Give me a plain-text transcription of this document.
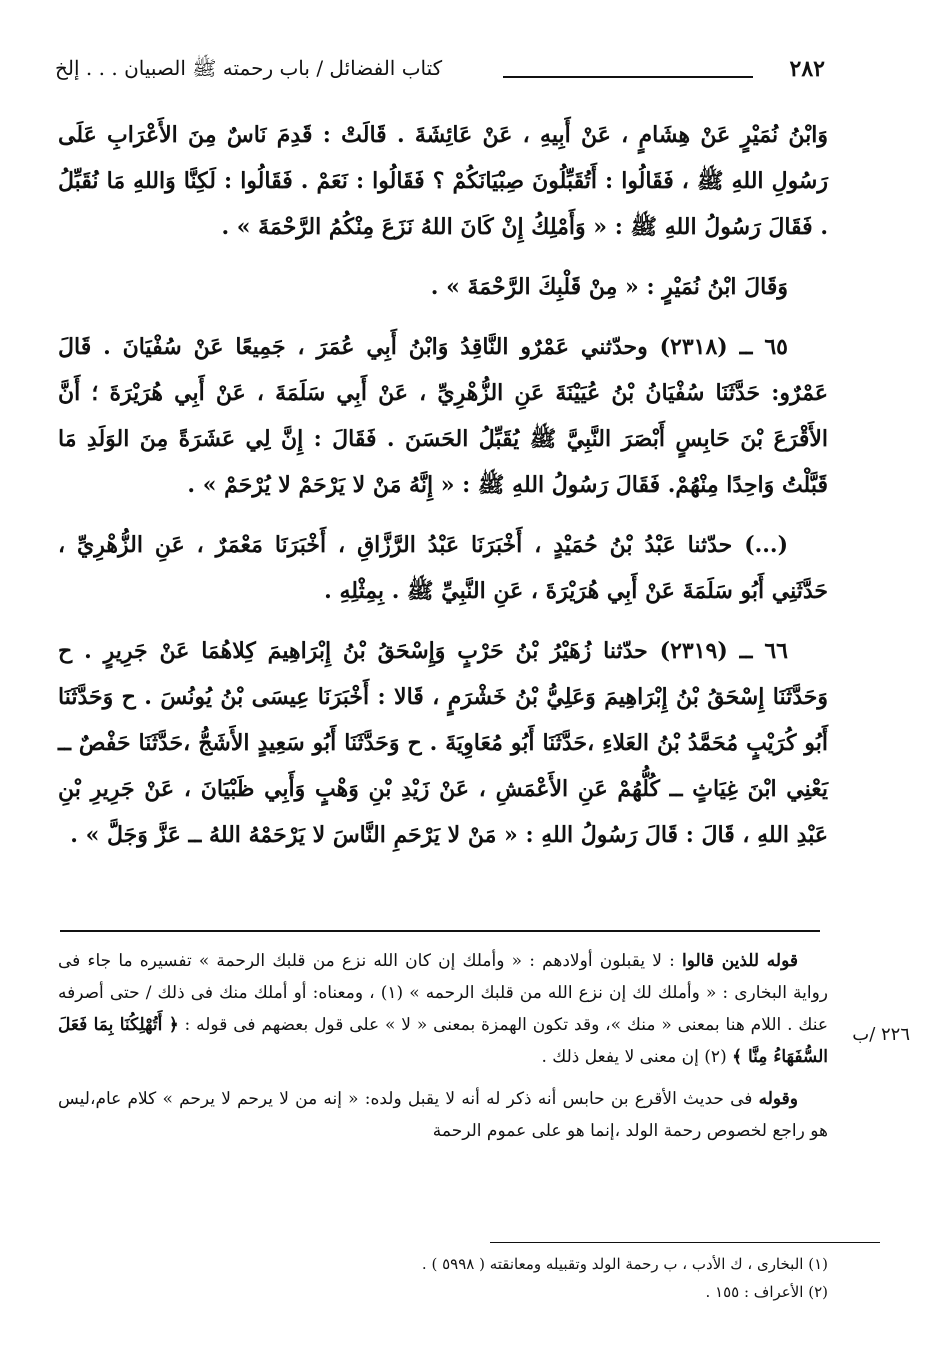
٢٨٢
كتاب الفضائل / باب رحمته ﷺ الصبيان . . . إلخ

وَابْنُ نُمَيْرٍ عَنْ هِشَامٍ ، عَنْ أَبِيهِ ، عَنْ عَائِشَةَ . قَالَتْ : قَدِمَ نَاسٌ مِنَ الأَعْرَابِ عَلَى رَسُولِ اللهِ ﷺ ، فَقَالُوا : أَتُقَبِّلُونَ صِبْيَانَكُمْ ؟ فَقَالُوا : نَعَمْ . فَقَالُوا : لَكِنَّا وَاللهِ مَا نُقَبِّلُ . فَقَالَ رَسُولُ اللهِ ﷺ : « وَأَمْلِكُ إِنْ كَانَ اللهُ نَزَعَ مِنْكُمُ الرَّحْمَةَ » .

وَقَالَ ابْنُ نُمَيْرٍ : « مِنْ قَلْبِكَ الرَّحْمَةَ » .

٦٥ ــ (٢٣١٨) وحدّثني عَمْرٌو النَّاقِدُ وَابْنُ أَبِي عُمَرَ ، جَمِيعًا عَنْ سُفْيَانَ . قَالَ عَمْرٌو: حَدَّثَنَا سُفْيَانُ بْنُ عُيَيْنَةَ عَنِ الزُّهْرِيِّ ، عَنْ أَبِي سَلَمَةَ ، عَنْ أَبِي هُرَيْرَةَ ؛ أَنَّ الأَقْرَعَ بْنَ حَابِسٍ أَبْصَرَ النَّبِيَّ ﷺ يُقَبِّلُ الحَسَنَ . فَقَالَ : إِنَّ لِي عَشَرَةً مِنَ الوَلَدِ مَا قَبَّلْتُ وَاحِدًا مِنْهُمْ. فَقَالَ رَسُولُ اللهِ ﷺ : « إِنَّهُ مَنْ لا يَرْحَمْ لا يُرْحَمْ » .

(...) حدّثنا عَبْدُ بْنُ حُمَيْدٍ ، أَخْبَرَنَا عَبْدُ الرَّزَّاقِ ، أَخْبَرَنَا مَعْمَرٌ ، عَنِ الزُّهْرِيِّ ، حَدَّثَنِي أَبُو سَلَمَةَ عَنْ أَبِي هُرَيْرَةَ ، عَنِ النَّبِيِّ ﷺ . بِمِثْلِهِ .

٦٦ ــ (٢٣١٩) حدّثنا زُهَيْرُ بْنُ حَرْبٍ وَإِسْحَقُ بْنُ إِبْرَاهِيمَ كِلاهُمَا عَنْ جَرِيرٍ . ح وَحَدَّثَنَا إِسْحَقُ بْنُ إِبْرَاهِيمَ وَعَلِيُّ بْنُ خَشْرَمٍ ، قَالا : أَخْبَرَنَا عِيسَى بْنُ يُونُسَ . ح وَحَدَّثَنَا أَبُو كُرَيْبٍ مُحَمَّدُ بْنُ العَلاءِ ،حَدَّثَنَا أَبُو مُعَاوِيَةَ . ح وَحَدَّثَنَا أَبُو سَعِيدٍ الأَشَجُّ ،حَدَّثَنَا حَفْصٌ ــ يَعْنِي ابْنَ غِيَاثٍ ــ كُلُّهُمْ عَنِ الأَعْمَشِ ، عَنْ زَيْدِ بْنِ وَهْبٍ وَأَبِي ظَبْيَانَ ، عَنْ جَرِيرِ بْنِ عَبْدِ اللهِ ، قَالَ : قَالَ رَسُولُ اللهِ : « مَنْ لا يَرْحَمِ النَّاسَ لا يَرْحَمْهُ اللهُ ــ عَزَّ وَجَلَّ » .

قوله للذين قالوا : لا يقبلون أولادهم : « وأملك إن كان الله نزع من قلبك الرحمة » تفسيره ما جاء فى رواية البخارى : « وأملك لك إن نزع الله من قلبك الرحمه » (١) ، ومعناه: أو أملك منك فى ذلك / حتى أصرفه عنك . اللام هنا بمعنى « منك »، وقد تكون الهمزة بمعنى « لا » على قول بعضهم فى قوله : ﴿ أَتُهْلِكُنَا بِمَا فَعَلَ السُّفَهَاءُ مِنَّا ﴾ (٢) إن معنى لا يفعل ذلك .

وقوله فى حديث الأقرع بن حابس أنه ذكر له أنه لا يقبل ولده: « إنه من لا يرحم لا يرحم » كلام عام،ليس هو راجع لخصوص رحمة الولد ،إنما هو على عموم الرحمة

٢٢٦ /ب
(١) البخارى ، ك الأدب ، ب رحمة الولد وتقبيله ومعانقته ( ٥٩٩٨ ) .
(٢) الأعراف : ١٥٥ .
